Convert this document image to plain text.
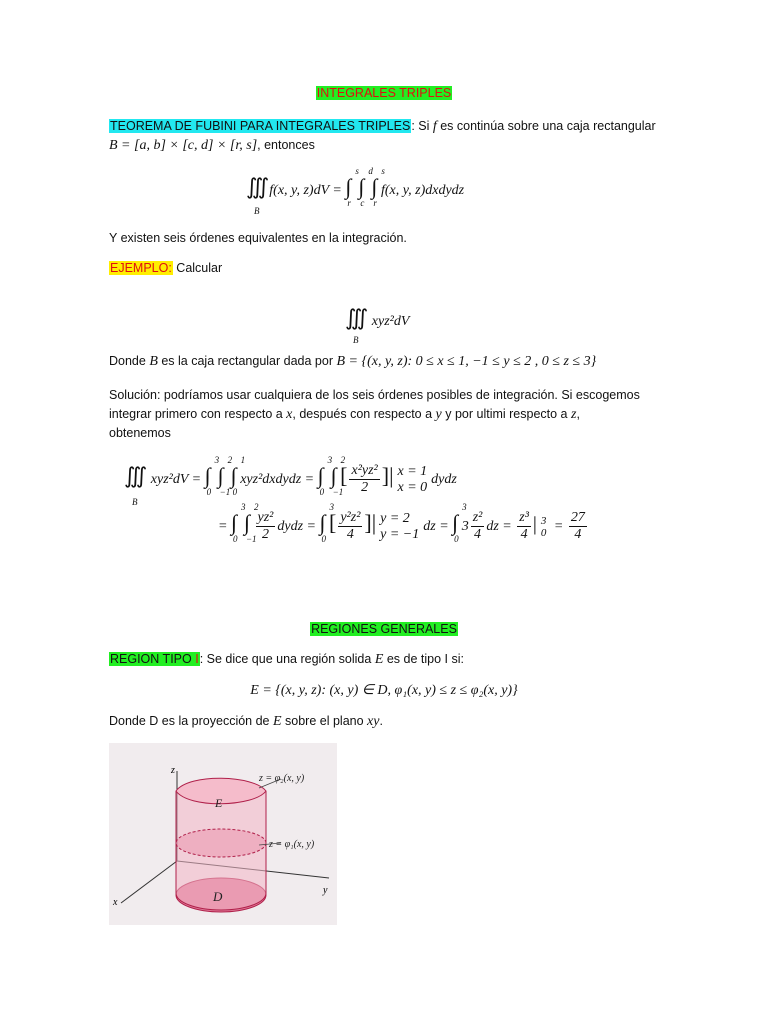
INTEGRALES TRIPLES
TEOREMA DE FUBINI PARA INTEGRALES TRIPLES: Si f es continúa sobre una caja rectangular
B = [a, b] × [c, d] × [r, s], entonces
∭f(x, y, z)dV = ∫
s
r
∫
d
c
∫
s
r
f(x, y, z)dxdydz
B
Y existen seis órdenes equivalentes en la integración.
EJEMPLO: Calcular
∭ xyz²dV
B
Donde B es la caja rectangular dada por B = {(x, y, z): 0 ≤ x ≤ 1, −1 ≤ y ≤ 2 , 0 ≤ z ≤ 3}
Solución: podríamos usar cualquiera de los seis órdenes posibles de integración. Si escogemos
integrar primero con respecto a x, después con respecto a y y por ultimi respecto a z,
obtenemos
∭ xyz²dV = ∫
3
0
∫
2
−1
∫
1
0
xyz²dxdydz = ∫
3
0
∫
2
−1
[ $\frac{\text{x²yz²}}{2}$ ]| x = 1
x = 0
dydz
B
= ∫
3
0
∫
2
−1

$\frac{\text{yz²}}{2}$ dydz = ∫
3
0
[ $\frac{\text{y²z²}}{4}$ ]| y = 2
y = −1
dz = ∫
3
0
$3 \frac{\text{z²}}{4}$ dz = $\frac{\text{z³}}{4}$ | 3
$0 = \frac{27}{4}$
REGIONES GENERALES
REGION TIPO I: Se dice que una región solida E es de tipo I si:
E = {(x, y, z): (x, y) ∈ D, φ₁(x, y) ≤ z ≤ φ₂(x, y)}
Donde D es la proyección de E sobre el plano xy.
z
y
x
z = φ₂(x, y)
z = φ₁(x, y)
E
D
